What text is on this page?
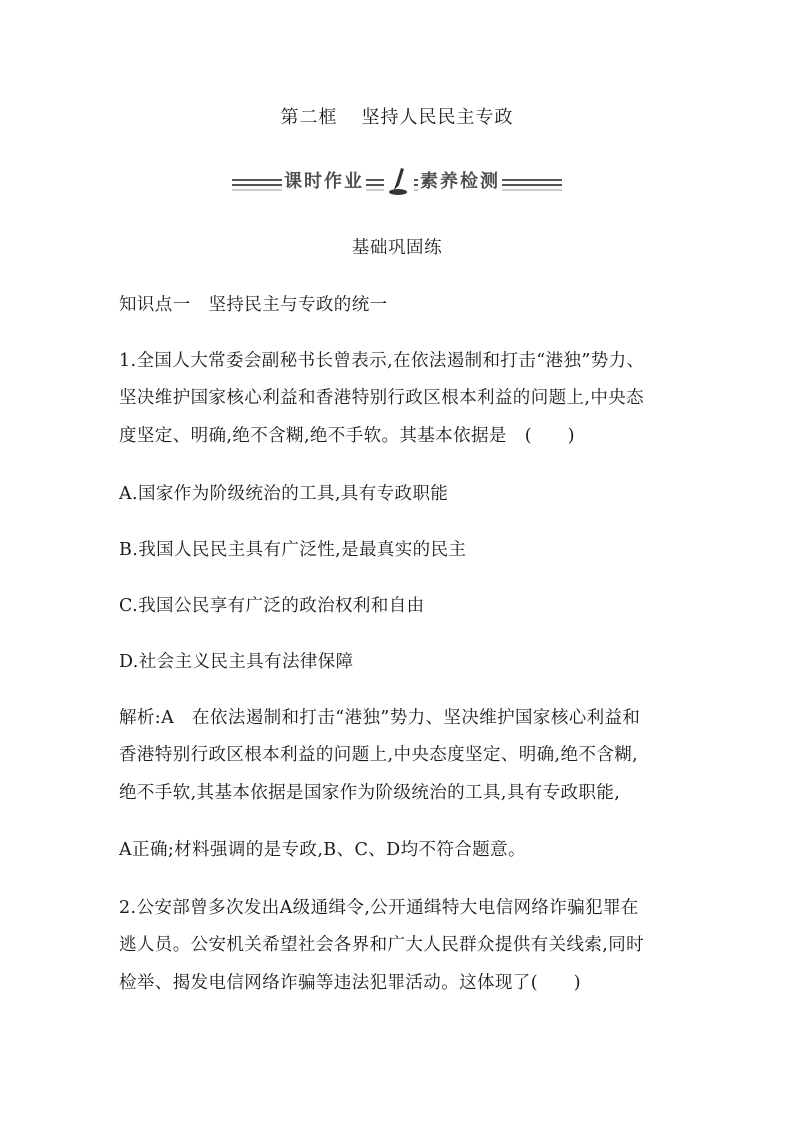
第二框 坚持人民民主专政
课时作业	素养检测
基础巩固练
知识点一　坚持民主与专政的统一
1.全国人大常委会副秘书长曾表示,在依法遏制和打击“港独”势力、
坚决维护国家核心利益和香港特别行政区根本利益的问题上,中央态
度坚定、明确,绝不含糊,绝不手软。其基本依据是　(　　)
A.国家作为阶级统治的工具,具有专政职能
B.我国人民民主具有广泛性,是最真实的民主
C.我国公民享有广泛的政治权利和自由
D.社会主义民主具有法律保障
解析:A　在依法遏制和打击“港独”势力、坚决维护国家核心利益和
香港特别行政区根本利益的问题上,中央态度坚定、明确,绝不含糊,
绝不手软,其基本依据是国家作为阶级统治的工具,具有专政职能,
A正确;材料强调的是专政,B、C、D均不符合题意。
2.公安部曾多次发出A级通缉令,公开通缉特大电信网络诈骗犯罪在
逃人员。公安机关希望社会各界和广大人民群众提供有关线索,同时
检举、揭发电信网络诈骗等违法犯罪活动。这体现了(　　)
